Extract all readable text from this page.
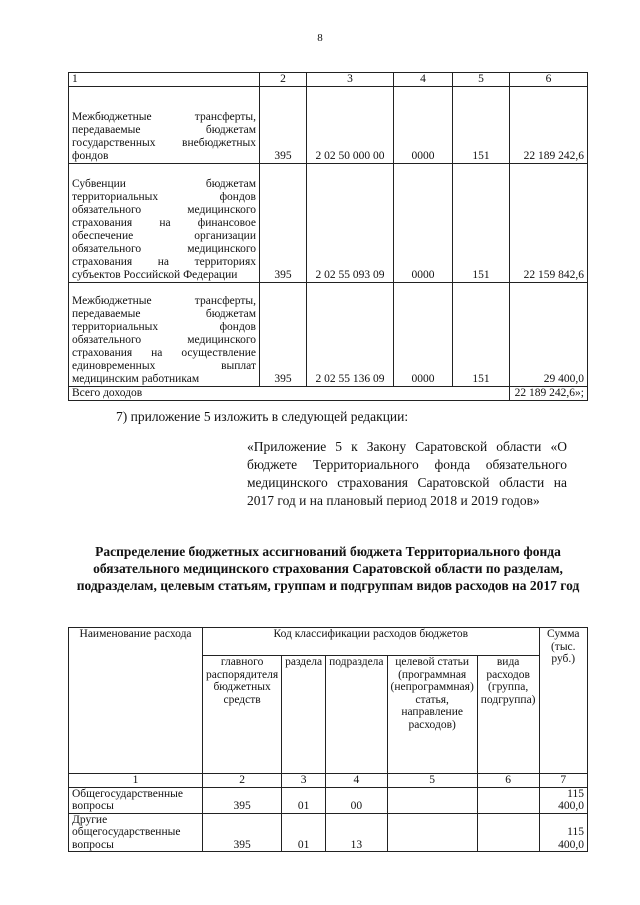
8
1	2	3	4	5	6
Межбюджетные трансферты, передаваемые бюджетам государственных внебюджетных фондов	395	2 02 50 000 00	0000	151	22 189 242,6
Субвенции бюджетам территориальных фондов обязательного медицинского страхования на финансовое обеспечение организации обязательного медицинского страхования на территориях субъектов Российской Федерации	395	2 02 55 093 09	0000	151	22 159 842,6
Межбюджетные трансферты, передаваемые бюджетам территориальных фондов обязательного медицинского страхования на осуществление единовременных выплат медицинским работникам	395	2 02 55 136 09	0000	151	29 400,0
Всего доходов					22 189 242,6»;
7) приложение 5 изложить в следующей редакции:
«Приложение 5 к Закону Саратовской области «О бюджете Территориального фонда обязательного медицинского страхования Саратовской области на 2017 год и на плановый период 2018 и 2019 годов»
Распределение бюджетных ассигнований бюджета Территориального фонда обязательного медицинского страхования Саратовской области по разделам, подразделам, целевым статьям, группам и подгруппам видов расходов на 2017 год
Наименование расхода	Код классификации расходов бюджетов					Сумма (тыс. руб.)
	главного распорядителя бюджетных средств	раздела	подраздела	целевой статьи (программная (непрограммная) статья, направление расходов)	вида расходов (группа, подгруппа)	
1	2	3	4	5	6	7
Общегосударственные вопросы	395	01	00			115 400,0
Другие общегосударственные вопросы	395	01	13			115 400,0
